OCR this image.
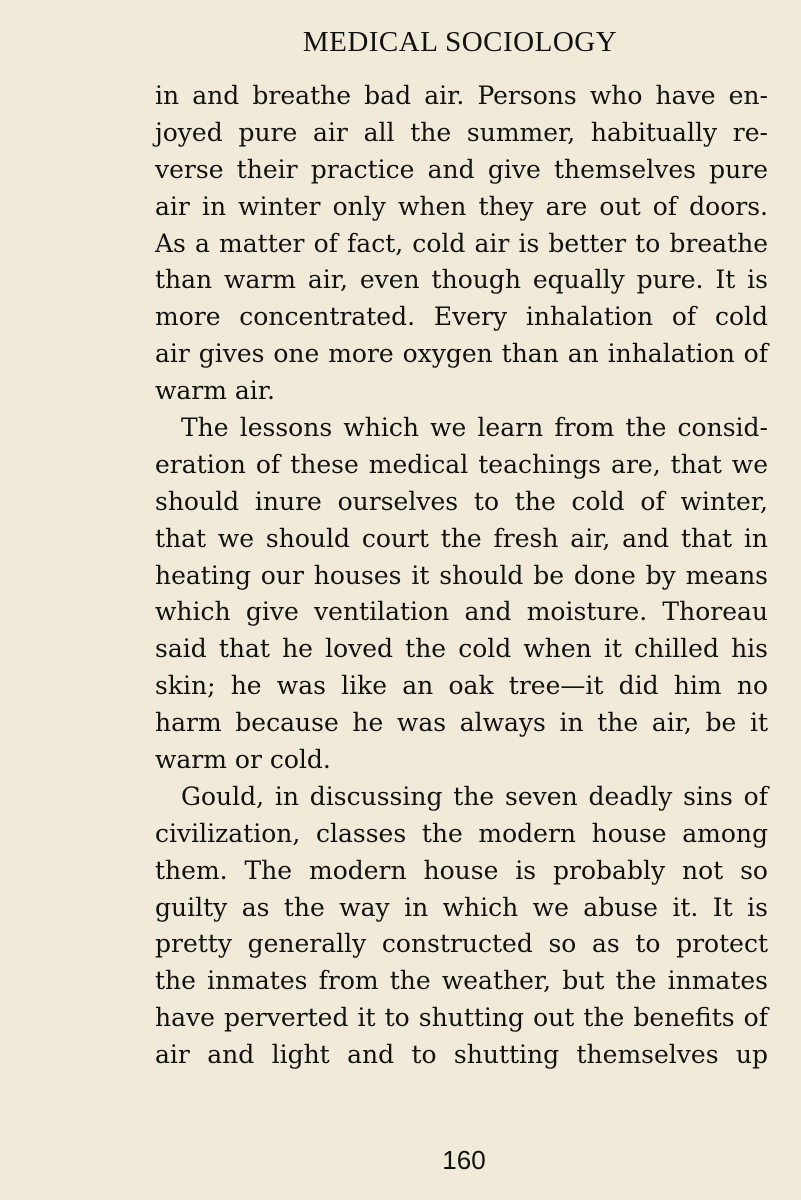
MEDICAL SOCIOLOGY
in and breathe bad air. Persons who have en-
joyed pure air all the summer, habitually re-
verse their practice and give themselves pure
air in winter only when they are out of doors.
As a matter of fact, cold air is better to breathe
than warm air, even though equally pure. It is
more concentrated. Every inhalation of cold
air gives one more oxygen than an inhalation of
warm air.
The lessons which we learn from the consid-
eration of these medical teachings are, that we
should inure ourselves to the cold of winter,
that we should court the fresh air, and that in
heating our houses it should be done by means
which give ventilation and moisture. Thoreau
said that he loved the cold when it chilled his
skin; he was like an oak tree—it did him no
harm because he was always in the air, be it
warm or cold.
Gould, in discussing the seven deadly sins of
civilization, classes the modern house among
them. The modern house is probably not so
guilty as the way in which we abuse it. It is
pretty generally constructed so as to protect
the inmates from the weather, but the inmates
have perverted it to shutting out the benefits of
air and light and to shutting themselves up
160
